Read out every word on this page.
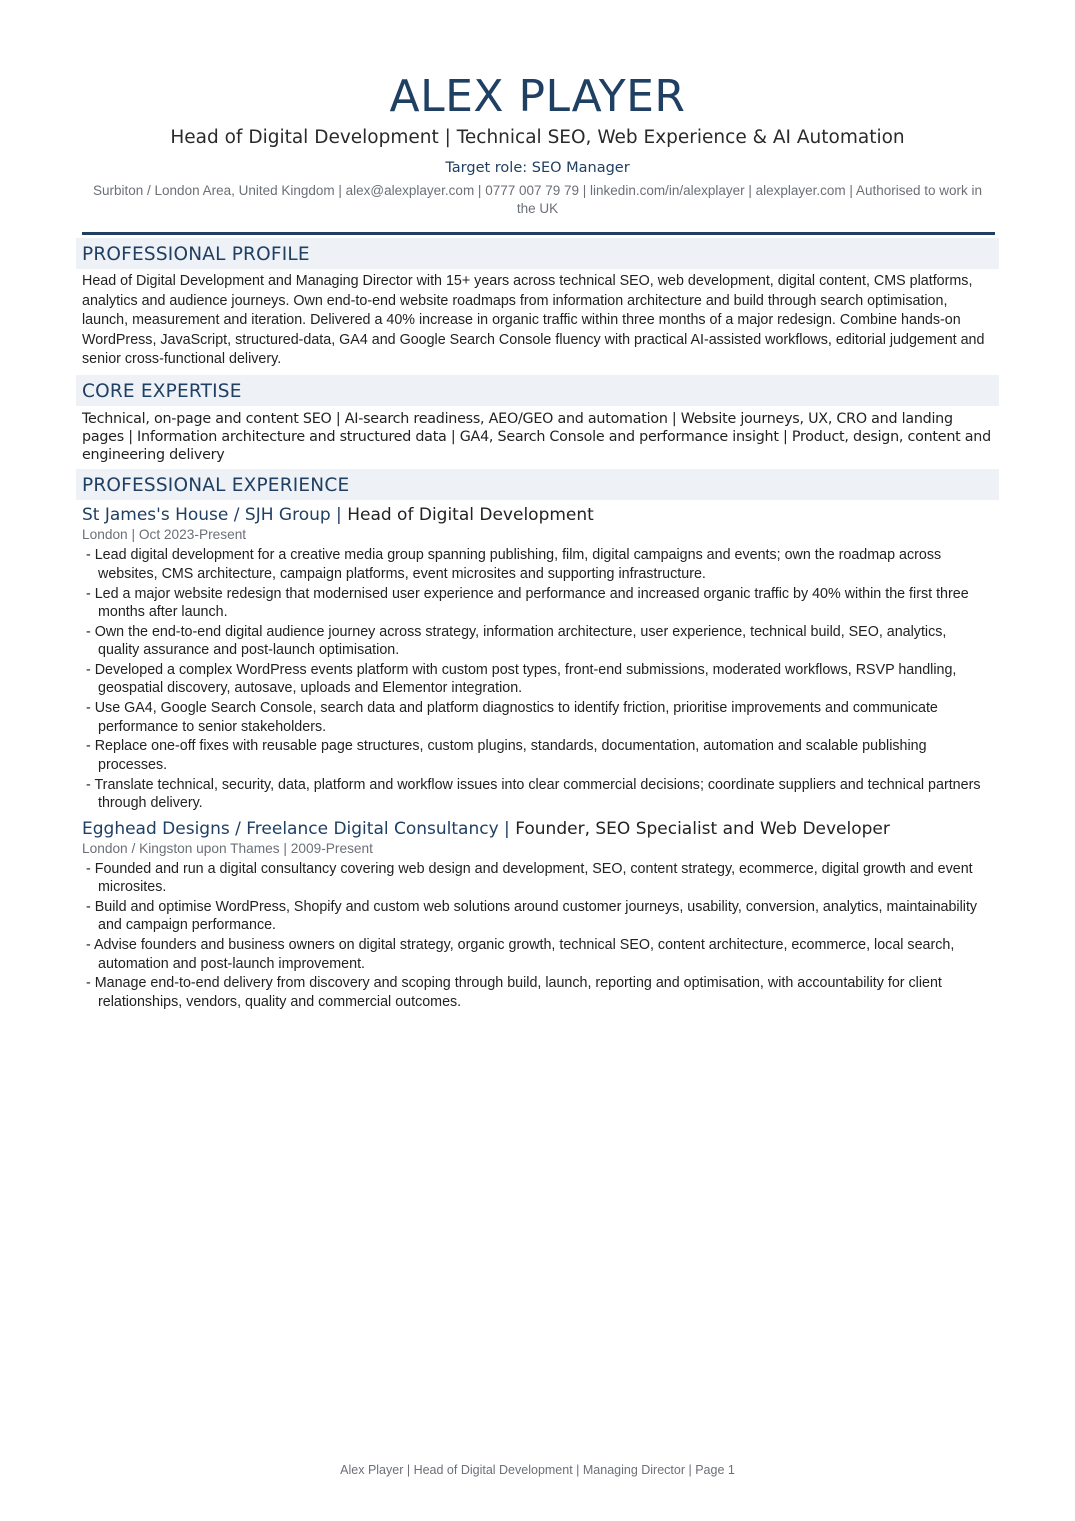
ALEX PLAYER
Head of Digital Development | Technical SEO, Web Experience & AI Automation
Target role: SEO Manager
Surbiton / London Area, United Kingdom | alex@alexplayer.com | 0777 007 79 79 | linkedin.com/in/alexplayer | alexplayer.com | Authorised to work in the UK
PROFESSIONAL PROFILE
Head of Digital Development and Managing Director with 15+ years across technical SEO, web development, digital content, CMS platforms, analytics and audience journeys. Own end-to-end website roadmaps from information architecture and build through search optimisation, launch, measurement and iteration. Delivered a 40% increase in organic traffic within three months of a major redesign. Combine hands-on WordPress, JavaScript, structured-data, GA4 and Google Search Console fluency with practical AI-assisted workflows, editorial judgement and senior cross-functional delivery.
CORE EXPERTISE
Technical, on-page and content SEO | AI-search readiness, AEO/GEO and automation | Website journeys, UX, CRO and landing pages | Information architecture and structured data | GA4, Search Console and performance insight | Product, design, content and engineering delivery
PROFESSIONAL EXPERIENCE
St James's House / SJH Group | Head of Digital Development
London | Oct 2023-Present
- Lead digital development for a creative media group spanning publishing, film, digital campaigns and events; own the roadmap across websites, CMS architecture, campaign platforms, event microsites and supporting infrastructure.
- Led a major website redesign that modernised user experience and performance and increased organic traffic by 40% within the first three months after launch.
- Own the end-to-end digital audience journey across strategy, information architecture, user experience, technical build, SEO, analytics, quality assurance and post-launch optimisation.
- Developed a complex WordPress events platform with custom post types, front-end submissions, moderated workflows, RSVP handling, geospatial discovery, autosave, uploads and Elementor integration.
- Use GA4, Google Search Console, search data and platform diagnostics to identify friction, prioritise improvements and communicate performance to senior stakeholders.
- Replace one-off fixes with reusable page structures, custom plugins, standards, documentation, automation and scalable publishing processes.
- Translate technical, security, data, platform and workflow issues into clear commercial decisions; coordinate suppliers and technical partners through delivery.
Egghead Designs / Freelance Digital Consultancy | Founder, SEO Specialist and Web Developer
London / Kingston upon Thames | 2009-Present
- Founded and run a digital consultancy covering web design and development, SEO, content strategy, ecommerce, digital growth and event microsites.
- Build and optimise WordPress, Shopify and custom web solutions around customer journeys, usability, conversion, analytics, maintainability and campaign performance.
- Advise founders and business owners on digital strategy, organic growth, technical SEO, content architecture, ecommerce, local search, automation and post-launch improvement.
- Manage end-to-end delivery from discovery and scoping through build, launch, reporting and optimisation, with accountability for client relationships, vendors, quality and commercial outcomes.
Alex Player | Head of Digital Development | Managing Director | Page 1
